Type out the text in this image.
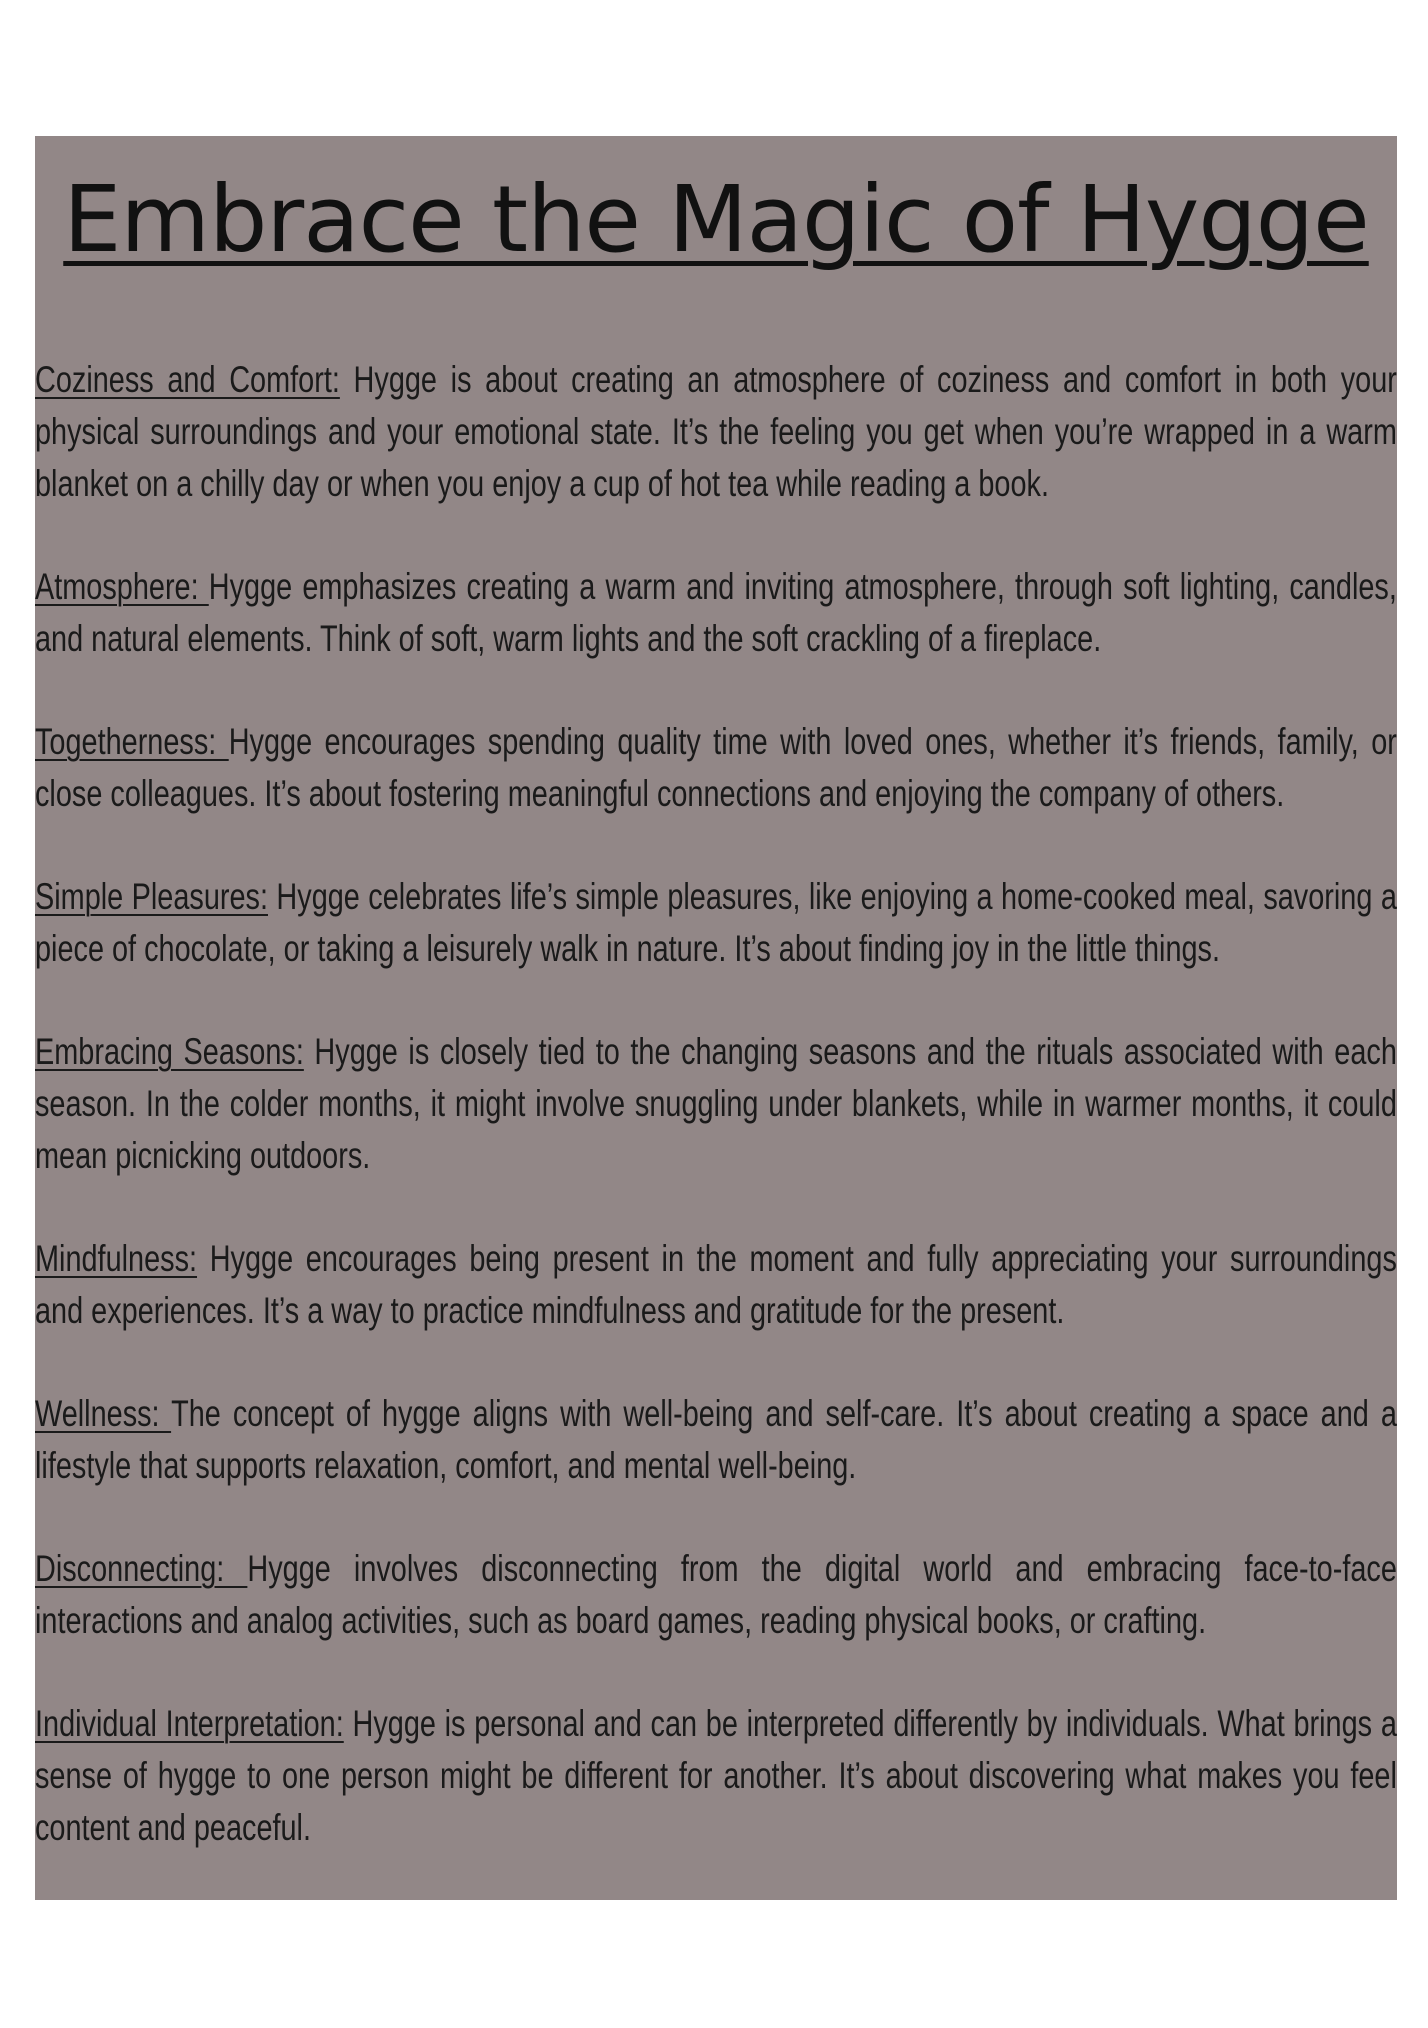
Embrace the Magic of Hygge

Coziness and Comfort: Hygge is about creating an atmosphere of coziness and comfort in both your physical surroundings and your emotional state. It’s the feeling you get when you’re wrapped in a warm blanket on a chilly day or when you enjoy a cup of hot tea while reading a book.

Atmosphere: Hygge emphasizes creating a warm and inviting atmosphere, through soft lighting, candles, and natural elements. Think of soft, warm lights and the soft crackling of a fireplace.

Togetherness: Hygge encourages spending quality time with loved ones, whether it’s friends, family, or close colleagues. It’s about fostering meaningful connections and enjoying the company of others.

Simple Pleasures: Hygge celebrates life’s simple pleasures, like enjoying a home-cooked meal, savoring a piece of chocolate, or taking a leisurely walk in nature. It’s about finding joy in the little things.

Embracing Seasons: Hygge is closely tied to the changing seasons and the rituals associated with each season. In the colder months, it might involve snuggling under blankets, while in warmer months, it could mean picnicking outdoors.

Mindfulness: Hygge encourages being present in the moment and fully appreciating your surroundings and experiences. It’s a way to practice mindfulness and gratitude for the present.

Wellness: The concept of hygge aligns with well-being and self-care. It’s about creating a space and a lifestyle that supports relaxation, comfort, and mental well-being.

Disconnecting: Hygge involves disconnecting from the digital world and embracing face-to-face interactions and analog activities, such as board games, reading physical books, or crafting.

Individual Interpretation: Hygge is personal and can be interpreted differently by individuals. What brings a sense of hygge to one person might be different for another. It’s about discovering what makes you feel content and peaceful.
